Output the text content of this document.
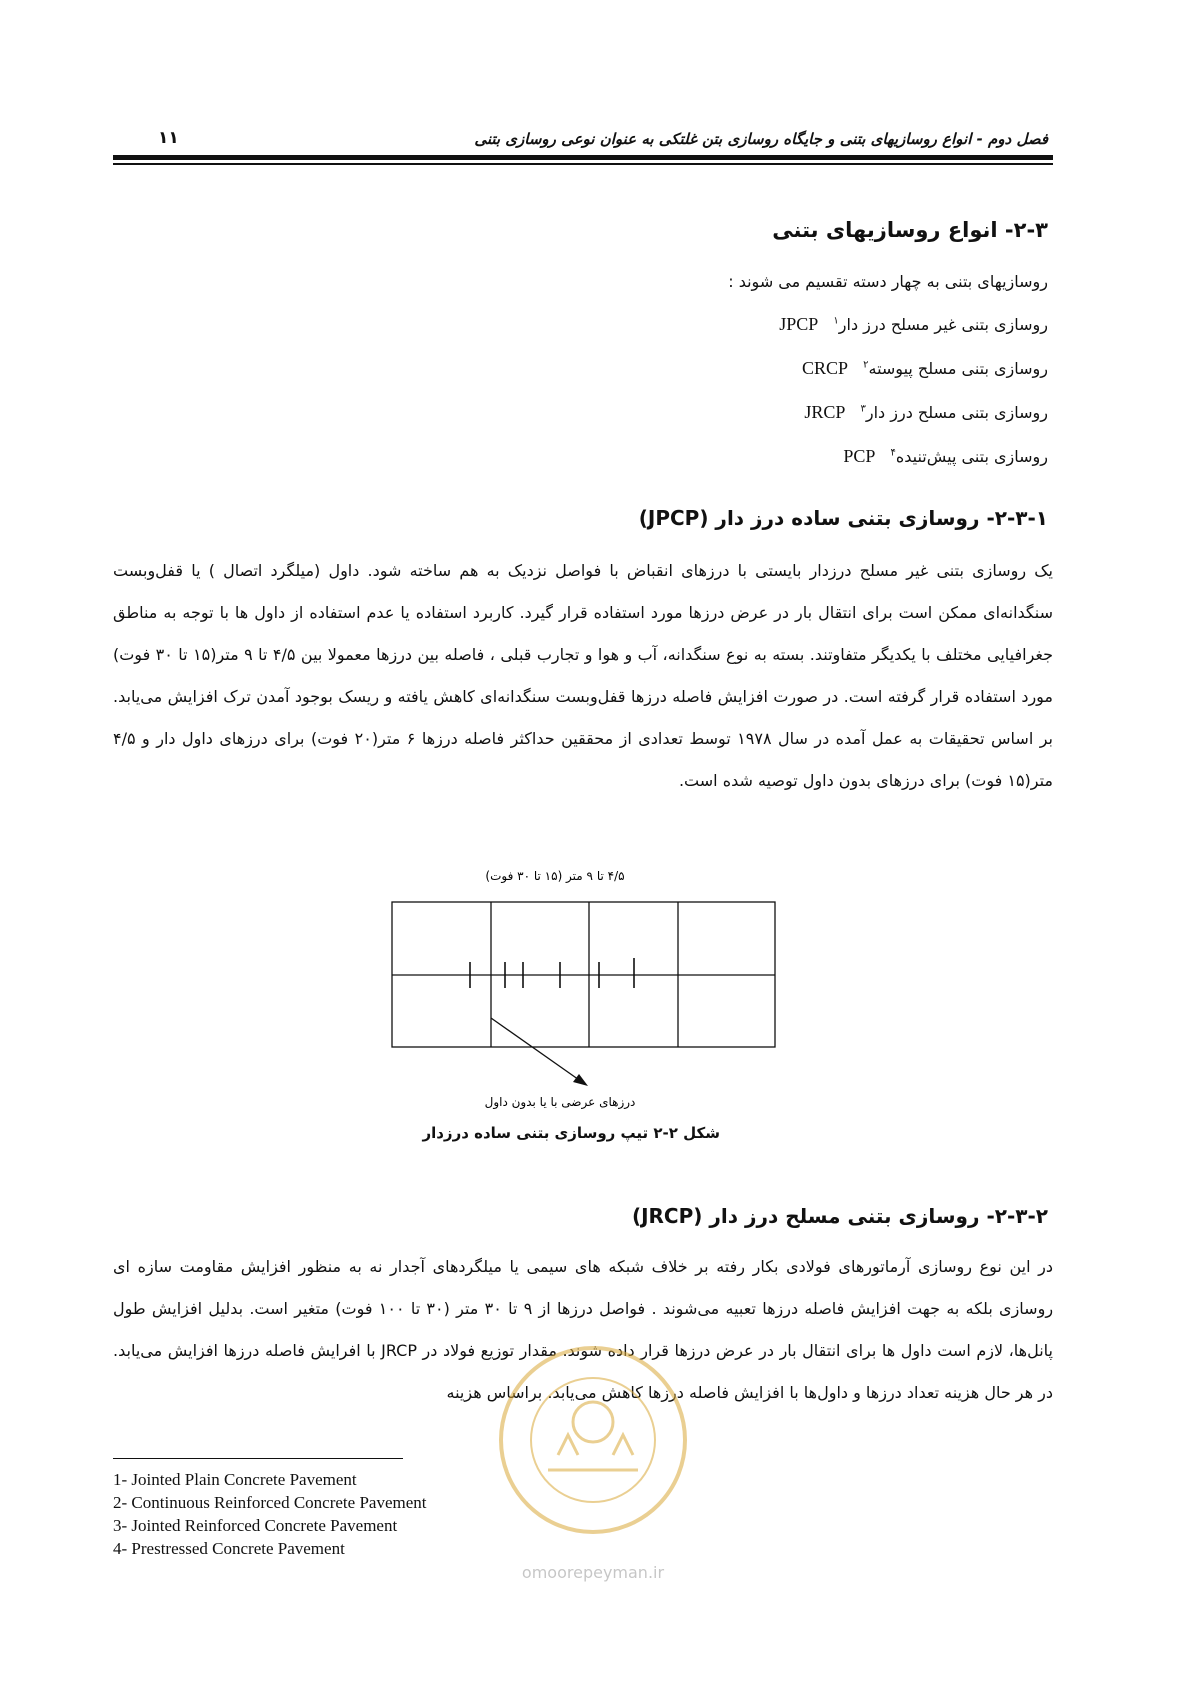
فصل دوم - انواع روسازیهای بتنی و جایگاه روسازی بتن غلتکی به عنوان نوعی روسازی بتنی
۱۱
۲-۳- انواع روسازیهای بتنی
روسازیهای بتنی به چهار دسته تقسیم می شوند :
روسازی بتنی غیر مسلح درز دار$^۱$ JPCP
روسازی بتنی مسلح پیوسته$^۲$ CRCP
روسازی بتنی مسلح درز دار$^۳$ JRCP
روسازی بتنی پیش‌تنیده$^۴$ PCP
۲-۳-۱- روسازی بتنی ساده درز دار (JPCP)

یک روسازی بتنی غیر مسلح درزدار بایستی با درزهای انقباض با فواصل نزدیک به هم ساخته شود. داول (میلگرد اتصال ) یا قفل‌وبست سنگدانه‌ای ممکن است برای انتقال بار در عرض درزها مورد استفاده قرار گیرد. کاربرد استفاده یا عدم استفاده از داول ها با توجه به مناطق جغرافیایی مختلف با یکدیگر متفاوتند. بسته به نوع سنگدانه، آب و هوا و تجارب قبلی ، فاصله بین درزها معمولا بین ۴/۵ تا ۹ متر(۱۵ تا ۳۰ فوت) مورد استفاده قرار گرفته است. در صورت افزایش فاصله درزها قفل‌وبست سنگدانه‌ای کاهش یافته و ریسک بوجود آمدن ترک افزایش می‌یابد. بر اساس تحقیقات به عمل آمده در سال ۱۹۷۸ توسط تعدادی از محققین حداکثر فاصله درزها ۶ متر(۲۰ فوت) برای درزهای داول دار و ۴/۵ متر(۱۵ فوت) برای درزهای بدون داول توصیه شده است.

۴/۵ تا ۹ متر (۱۵ تا ۳۰ فوت)
درزهای عرضی با یا بدون داول
شکل ۲-۲ تیپ روسازی بتنی ساده درزدار
۲-۳-۲- روسازی بتنی مسلح درز دار (JRCP)

در این نوع روسازی آرماتورهای فولادی بکار رفته بر خلاف شبکه های سیمی یا میلگردهای آجدار نه به منظور افزایش مقاومت سازه ای روسازی بلکه به جهت افزایش فاصله درزها تعبیه می‌شوند . فواصل درزها از ۹ تا ۳۰ متر (۳۰ تا ۱۰۰ فوت) متغیر است. بدلیل افزایش طول پانل‌ها، لازم است داول ها برای انتقال بار در عرض درزها قرار داده شوند. مقدار توزیع فولاد در JRCP با افرایش فاصله درزها افزایش می‌یابد. در هر حال هزینه تعداد درزها و داول‌ها با افزایش فاصله درزها کاهش می‌یابد. براساس هزینه

omoorepeyman.ir
1- Jointed Plain Concrete Pavement
2- Continuous Reinforced Concrete Pavement
3- Jointed Reinforced Concrete Pavement
4- Prestressed Concrete Pavement
